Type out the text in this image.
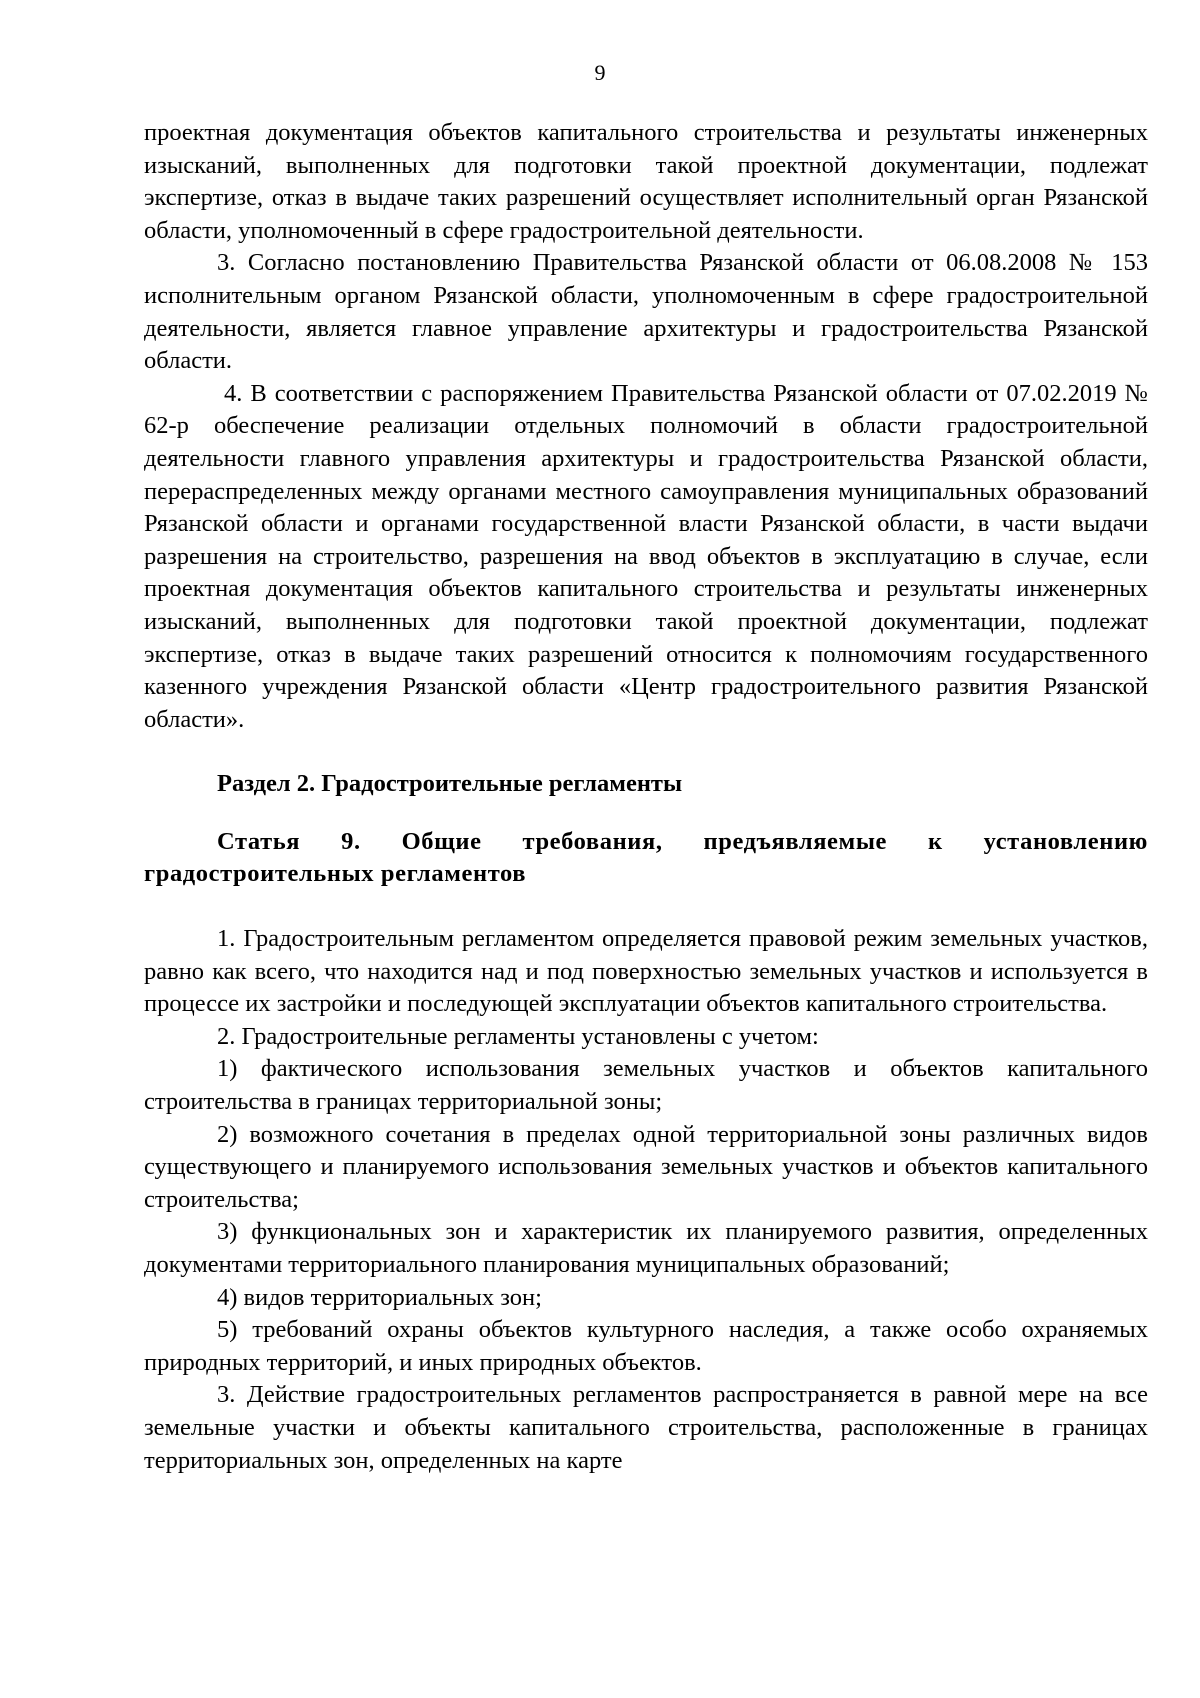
9

проектная документация объектов капитального строительства и результаты инженерных изысканий, выполненных для подготовки такой проектной документации, подлежат экспертизе, отказ в выдаче таких разрешений осуществляет исполнительный орган Рязанской области, уполномоченный в сфере градостроительной деятельности.

3. Согласно постановлению Правительства Рязанской области от 06.08.2008 № 153 исполнительным органом Рязанской области, уполномоченным в сфере градостроительной деятельности, является главное управление архитектуры и градостроительства Рязанской области.

4. В соответствии с распоряжением Правительства Рязанской области от 07.02.2019 № 62-р обеспечение реализации отдельных полномочий в области градостроительной деятельности главного управления архитектуры и градостроительства Рязанской области, перераспределенных между органами местного самоуправления муниципальных образований Рязанской области и органами государственной власти Рязанской области, в части выдачи разрешения на строительство, разрешения на ввод объектов в эксплуатацию в случае, если проектная документация объектов капитального строительства и результаты инженерных изысканий, выполненных для подготовки такой проектной документации, подлежат экспертизе, отказ в выдаче таких разрешений относится к полномочиям государственного казенного учреждения Рязанской области «Центр градостроительного развития Рязанской области».

Раздел 2. Градостроительные регламенты

Статья 9. Общие требования, предъявляемые к установлению градостроительных регламентов

1. Градостроительным регламентом определяется правовой режим земельных участков, равно как всего, что находится над и под поверхностью земельных участков и используется в процессе их застройки и последующей эксплуатации объектов капитального строительства.

2. Градостроительные регламенты установлены с учетом:

1) фактического использования земельных участков и объектов капитального строительства в границах территориальной зоны;

2) возможного сочетания в пределах одной территориальной зоны различных видов существующего и планируемого использования земельных участков и объектов капитального строительства;

3) функциональных зон и характеристик их планируемого развития, определенных документами территориального планирования муниципальных образований;

4) видов территориальных зон;

5) требований охраны объектов культурного наследия, а также особо охраняемых природных территорий, и иных природных объектов.

3. Действие градостроительных регламентов распространяется в равной мере на все земельные участки и объекты капитального строительства, расположенные в границах территориальных зон, определенных на карте
